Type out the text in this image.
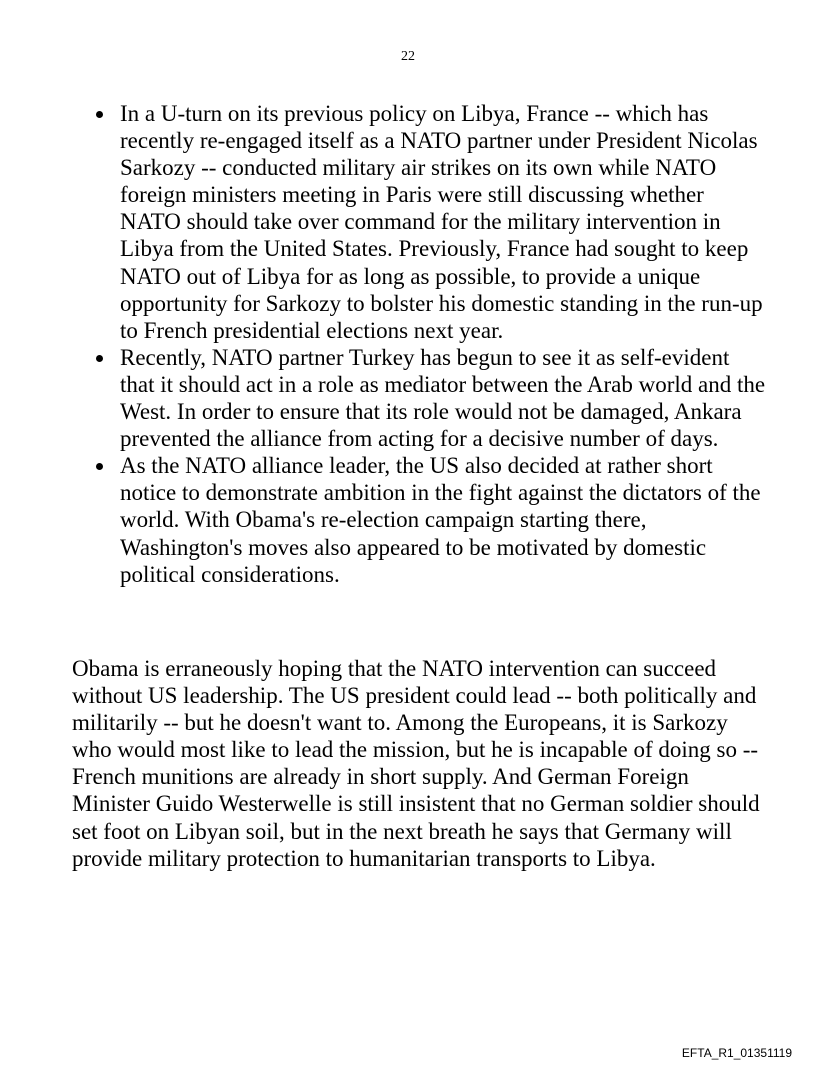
22
In a U-turn on its previous policy on Libya, France -- which has recently re-engaged itself as a NATO partner under President Nicolas Sarkozy -- conducted military air strikes on its own while NATO foreign ministers meeting in Paris were still discussing whether NATO should take over command for the military intervention in Libya from the United States. Previously, France had sought to keep NATO out of Libya for as long as possible, to provide a unique opportunity for Sarkozy to bolster his domestic standing in the run-up to French presidential elections next year.
Recently, NATO partner Turkey has begun to see it as self-evident that it should act in a role as mediator between the Arab world and the West. In order to ensure that its role would not be damaged, Ankara prevented the alliance from acting for a decisive number of days.
As the NATO alliance leader, the US also decided at rather short notice to demonstrate ambition in the fight against the dictators of the world. With Obama's re-election campaign starting there, Washington's moves also appeared to be motivated by domestic political considerations.

Obama is erraneously hoping that the NATO intervention can succeed without US leadership. The US president could lead -- both politically and militarily -- but he doesn't want to. Among the Europeans, it is Sarkozy who would most like to lead the mission, but he is incapable of doing so -- French munitions are already in short supply. And German Foreign Minister Guido Westerwelle is still insistent that no German soldier should set foot on Libyan soil, but in the next breath he says that Germany will provide military protection to humanitarian transports to Libya.

EFTA_R1_01351119
